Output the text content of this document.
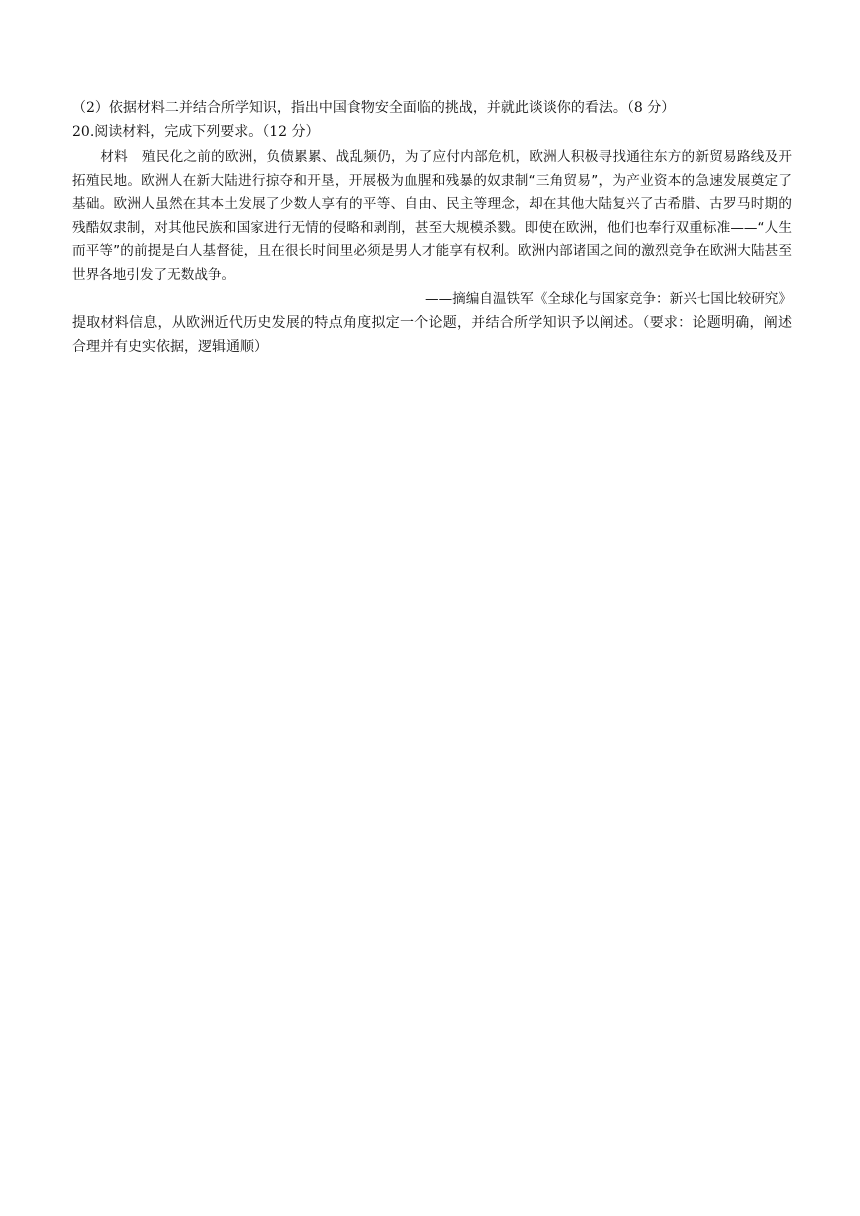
（2）依据材料二并结合所学知识，指出中国食物安全面临的挑战，并就此谈谈你的看法。（8 分）
20.阅读材料，完成下列要求。（12 分）
材料 殖民化之前的欧洲，负债累累、战乱频仍，为了应付内部危机，欧洲人积极寻找通往东方的新贸易路线及开拓殖民地。欧洲人在新大陆进行掠夺和开垦，开展极为血腥和残暴的奴隶制“三角贸易”，为产业资本的急速发展奠定了基础。欧洲人虽然在其本土发展了少数人享有的平等、自由、民主等理念，却在其他大陆复兴了古希腊、古罗马时期的残酷奴隶制，对其他民族和国家进行无情的侵略和剥削，甚至大规模杀戮。即使在欧洲，他们也奉行双重标准——“人生而平等”的前提是白人基督徒，且在很长时间里必须是男人才能享有权利。欧洲内部诸国之间的激烈竞争在欧洲大陆甚至世界各地引发了无数战争。
——摘编自温铁军《全球化与国家竞争：新兴七国比较研究》
提取材料信息，从欧洲近代历史发展的特点角度拟定一个论题，并结合所学知识予以阐述。（要求：论题明确，阐述合理并有史实依据，逻辑通顺）
